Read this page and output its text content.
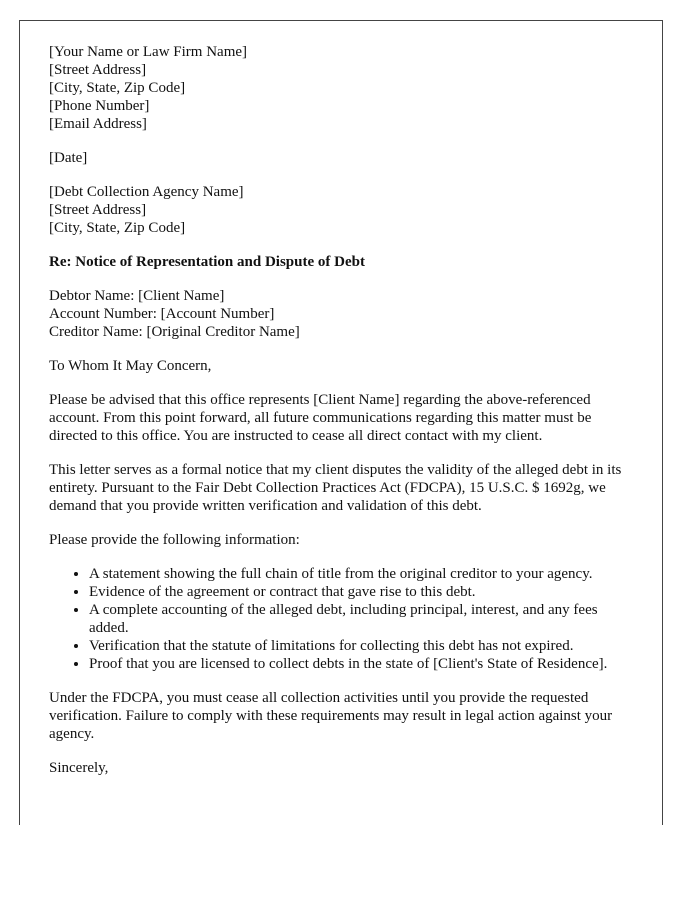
[Your Name or Law Firm Name]
[Street Address]
[City, State, Zip Code]
[Phone Number]
[Email Address]

[Date]

[Debt Collection Agency Name]
[Street Address]
[City, State, Zip Code]

Re: Notice of Representation and Dispute of Debt

Debtor Name: [Client Name]
Account Number: [Account Number]
Creditor Name: [Original Creditor Name]

To Whom It May Concern,

Please be advised that this office represents [Client Name] regarding the above-referenced account. From this point forward, all future communications regarding this matter must be directed to this office. You are instructed to cease all direct contact with my client.

This letter serves as a formal notice that my client disputes the validity of the alleged debt in its entirety. Pursuant to the Fair Debt Collection Practices Act (FDCPA), 15 U.S.C. $ 1692g, we demand that you provide written verification and validation of this debt.

Please provide the following information:

• A statement showing the full chain of title from the original creditor to your agency.
• Evidence of the agreement or contract that gave rise to this debt.
• A complete accounting of the alleged debt, including principal, interest, and any fees added.
• Verification that the statute of limitations for collecting this debt has not expired.
• Proof that you are licensed to collect debts in the state of [Client's State of Residence].

Under the FDCPA, you must cease all collection activities until you provide the requested verification. Failure to comply with these requirements may result in legal action against your agency.

Sincerely,
